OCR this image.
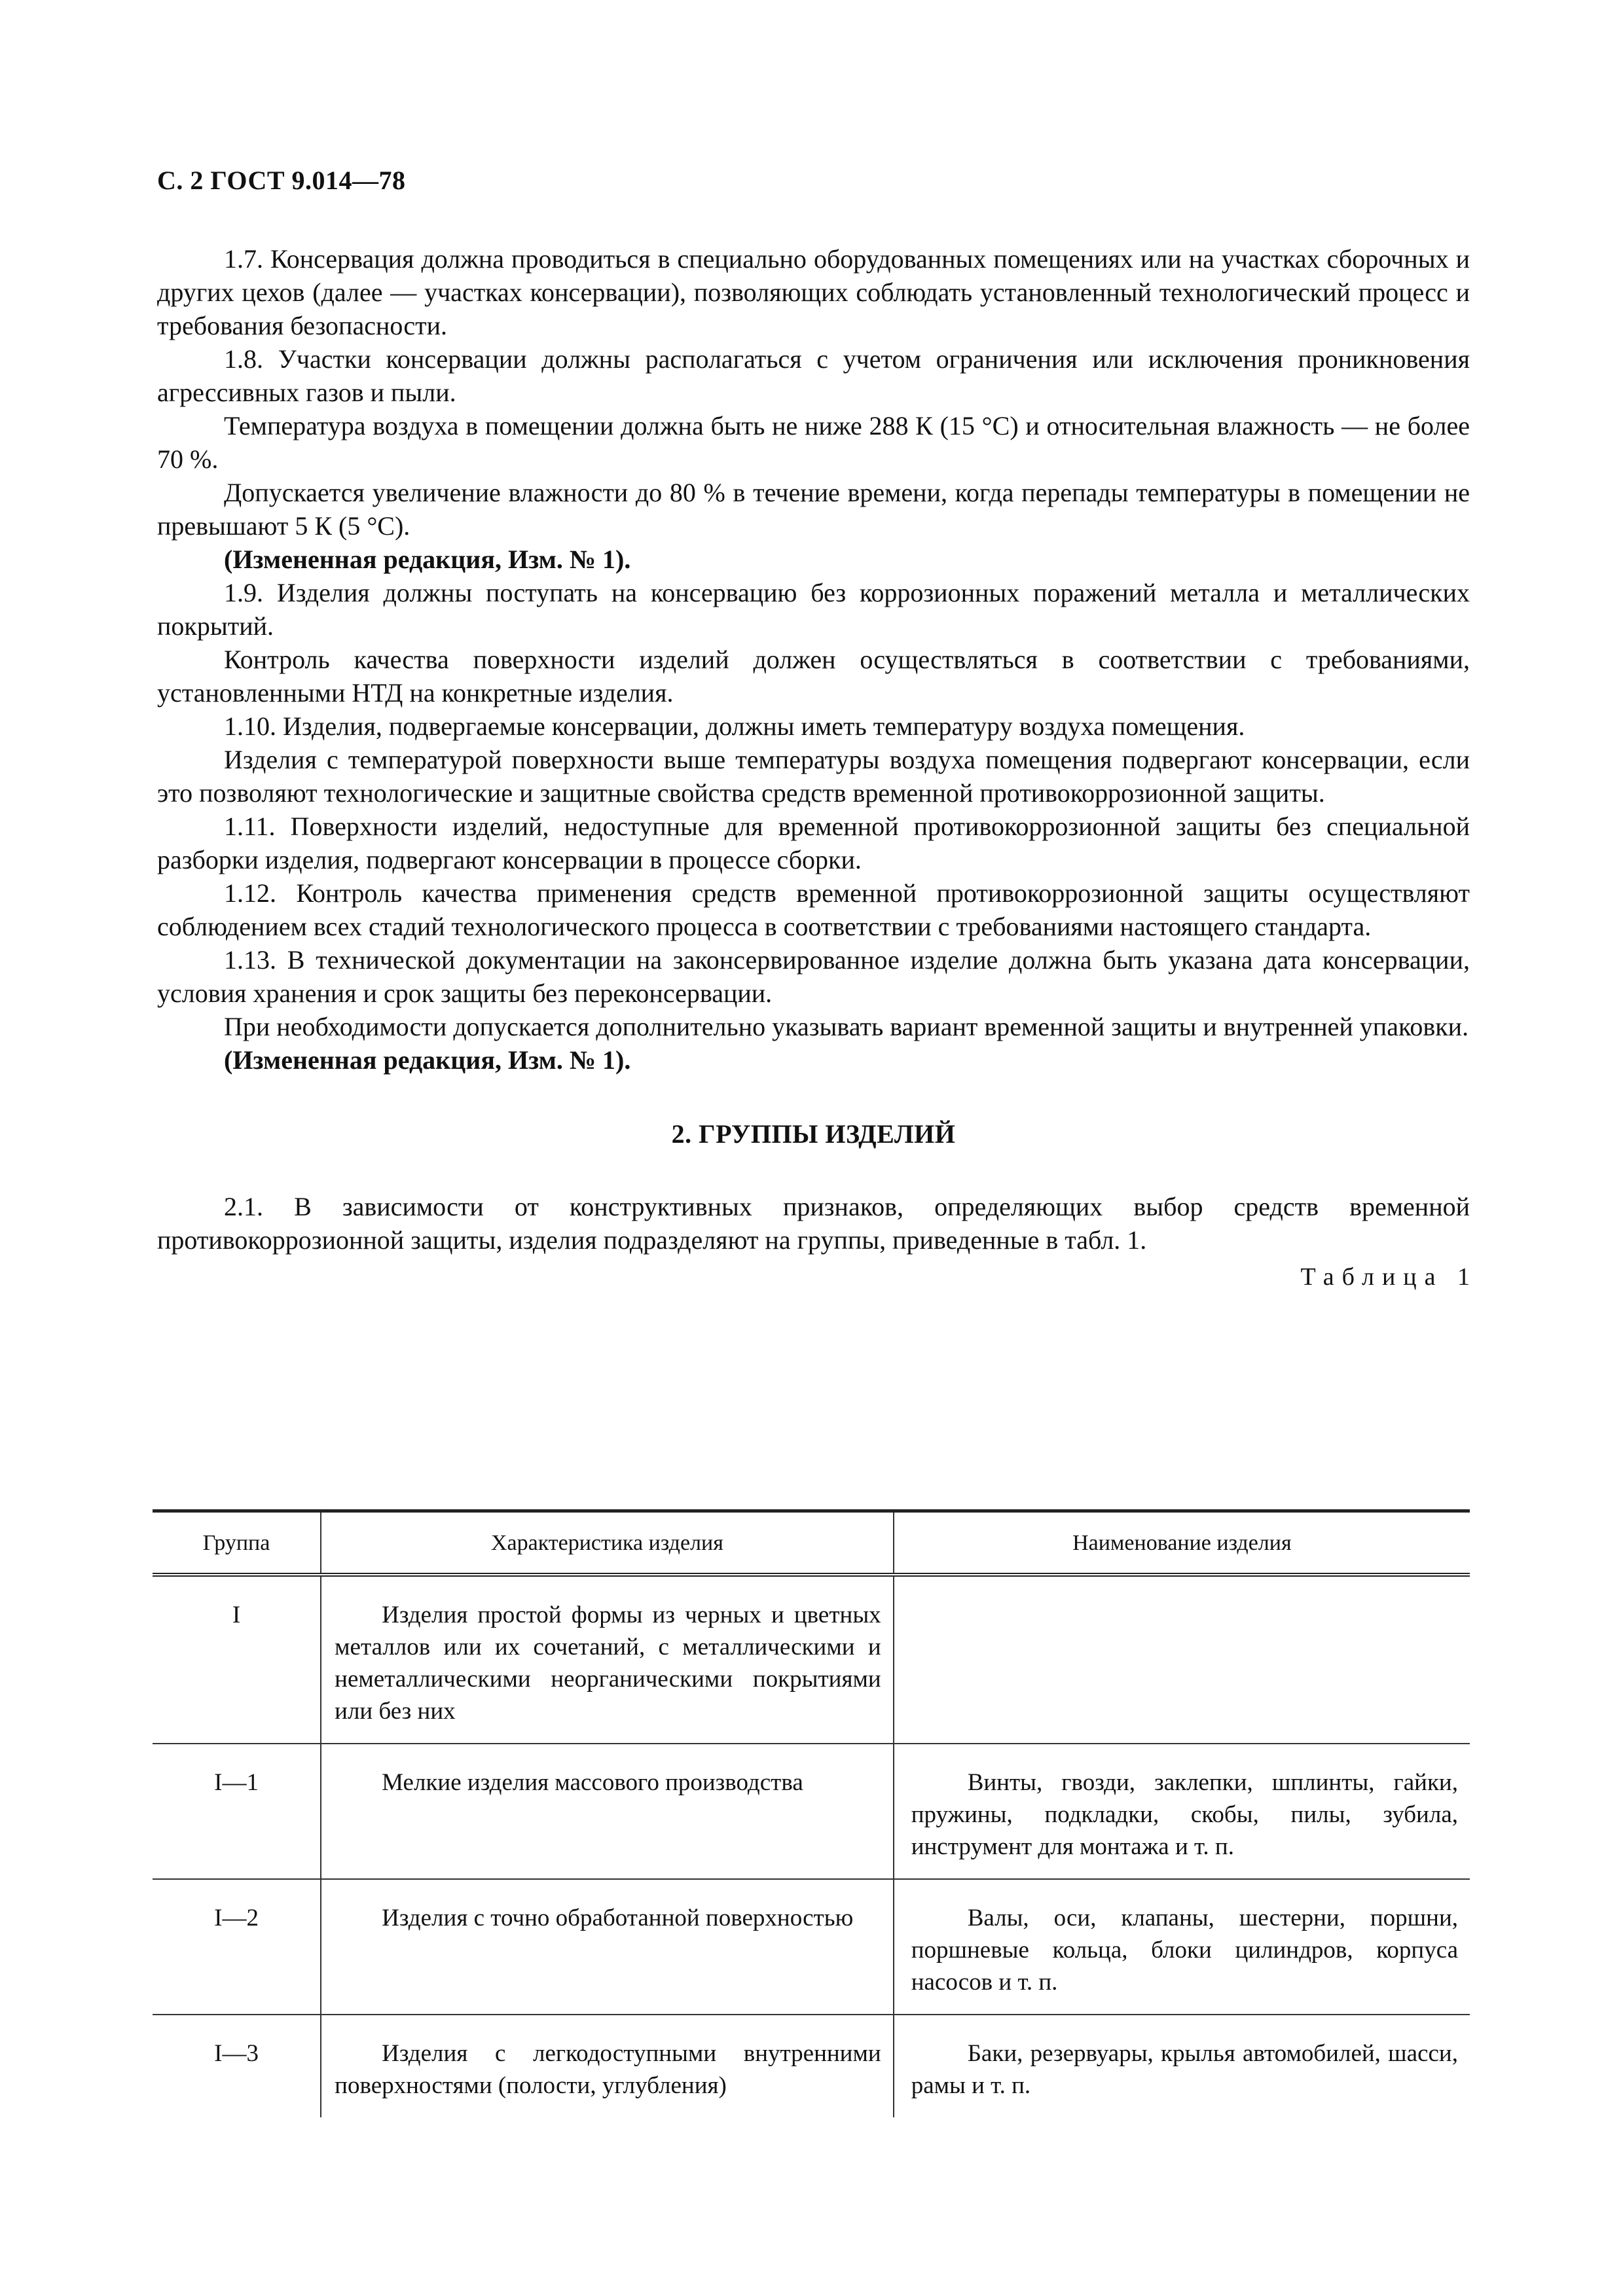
С. 2 ГОСТ 9.014—78

1.7. Консервация должна проводиться в специально оборудованных помещениях или на участках сборочных и других цехов (далее — участках консервации), позволяющих соблюдать установленный технологический процесс и требования безопасности.

1.8. Участки консервации должны располагаться с учетом ограничения или исключения проникновения агрессивных газов и пыли.

Температура воздуха в помещении должна быть не ниже 288 К (15 °С) и относительная влажность — не более 70 %.

Допускается увеличение влажности до 80 % в течение времени, когда перепады температуры в помещении не превышают 5 К (5 °С).

(Измененная редакция, Изм. № 1).

1.9. Изделия должны поступать на консервацию без коррозионных поражений металла и металлических покрытий.

Контроль качества поверхности изделий должен осуществляться в соответствии с требованиями, установленными НТД на конкретные изделия.

1.10. Изделия, подвергаемые консервации, должны иметь температуру воздуха помещения.

Изделия с температурой поверхности выше температуры воздуха помещения подвергают консервации, если это позволяют технологические и защитные свойства средств временной противокоррозионной защиты.

1.11. Поверхности изделий, недоступные для временной противокоррозионной защиты без специальной разборки изделия, подвергают консервации в процессе сборки.

1.12. Контроль качества применения средств временной противокоррозионной защиты осуществляют соблюдением всех стадий технологического процесса в соответствии с требованиями настоящего стандарта.

1.13. В технической документации на законсервированное изделие должна быть указана дата консервации, условия хранения и срок защиты без переконсервации.

При необходимости допускается дополнительно указывать вариант временной защиты и внутренней упаковки.

(Измененная редакция, Изм. № 1).

2. ГРУППЫ ИЗДЕЛИЙ

2.1. В зависимости от конструктивных признаков, определяющих выбор средств временной противокоррозионной защиты, изделия подразделяют на группы, приведенные в табл. 1.

Таблица 1
Группа	Характеристика изделия	Наименование изделия
I	Изделия простой формы из черных и цветных металлов или их сочетаний, с металлическими и неметаллическими неорганическими покрытиями или без них	

I—1	Мелкие изделия массового производства	Винты, гвозди, заклепки, шплинты, гайки, пружины, подкладки, скобы, пилы, зубила, инструмент для монтажа и т. п.

I—2	Изделия с точно обработанной поверхностью	Валы, оси, клапаны, шестерни, поршни, поршневые кольца, блоки цилиндров, корпуса насосов и т. п.

I—3	Изделия с легкодоступными внутренними поверхностями (полости, углубления)	Баки, резервуары, крылья автомобилей, шасси, рамы и т. п.
